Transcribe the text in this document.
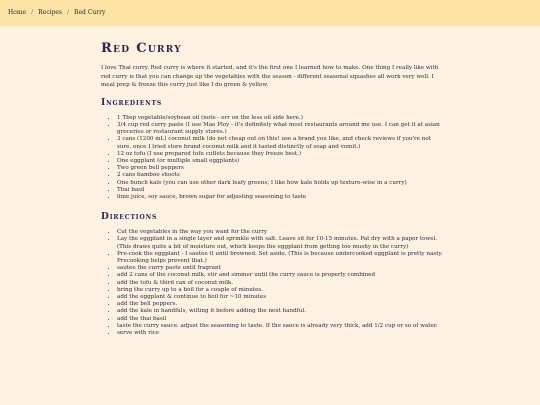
Home / Recipes / Red Curry
Red Curry

I love Thai curry. Red curry is where it started, and it's the first one I learned how to make. One thing I really like with red curry is that you can change up the vegetables with the season - different seasonal squashes all work very well. I meal prep & freeze this curry just like I do green & yellow.

Ingredients
• 1 Tbsp vegetable/soybean oil (note - err on the less oil side here.)
• 3/4 cup red curry paste (I use Mae Ploy - it's definitely what most restaurants around me use. I can get it at asian groceries or restaurant supply stores.)
• 3 cans (1200 mL) coconut milk (do not cheap out on this! use a brand you like, and check reviews if you're not sure. once I tried store brand coconut milk and it tasted distinctly of soap and vomit.)
• 12 oz tofu (I use prepared tofu cutlets because they freeze best.)
• One eggplant (or multiple small eggplants)
• Two green bell peppers
• 2 cans bamboo shoots
• One bunch kale (you can use other dark leafy greens; I like how kale holds up texture-wise in a curry)
• Thai basil
• lime juice, soy sauce, brown sugar for adjusting seasoning to taste
Directions
• Cut the vegetables in the way you want for the curry
• Lay the eggplant in a single layer and sprinkle with salt. Leave sit for 10-15 minutes. Pat dry with a paper towel. (This draws quite a bit of moisture out, which keeps the eggplant from getting too mushy in the curry)
• Pre-cook the eggplant - I sautee it until browned. Set aside. (This is because undercooked eggplant is pretty nasty. Precooking helps prevent that.)
• sautee the curry paste until fragrant
• add 2 cans of the coconut milk, stir and simmer until the curry sauce is properly combined
• add the tofu & third can of coconut milk.
• bring the curry up to a boil for a couple of minutes.
• add the eggplant & continue to boil for ~10 minutes
• add the bell peppers.
• add the kale in handfuls, wilting it before adding the next handful.
• add the thai basil
• taste the curry sauce. adjust the seasoning to taste. If the sauce is already very thick, add 1/2 cup or so of water.
• serve with rice
